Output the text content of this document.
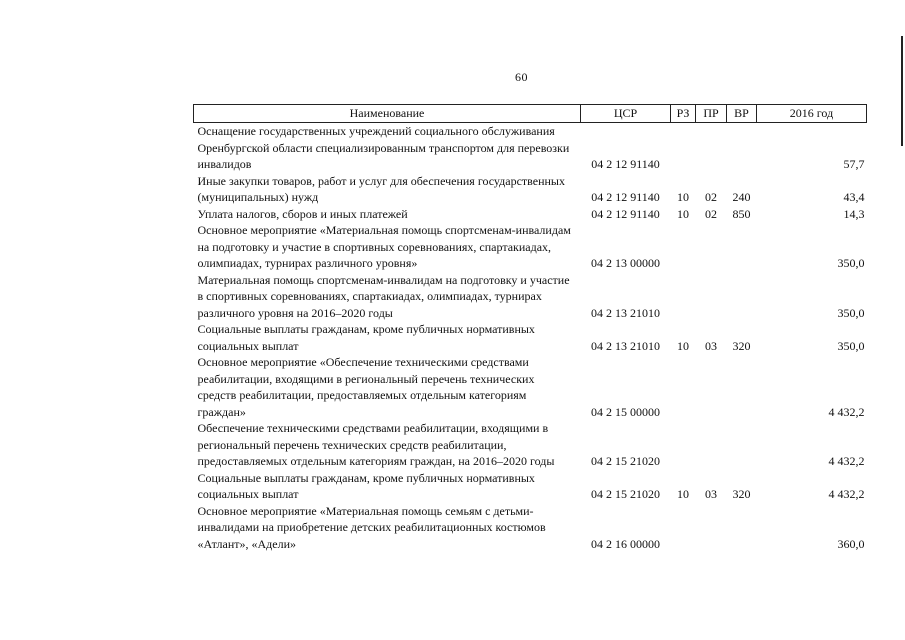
60
Наименование	ЦСР	РЗ	ПР	ВР	2016 год
Оснащение государственных учреждений социального обслуживания Оренбургской области специализированным транспортом для перевозки инвалидов	04 2 12 91140				57,7
Иные закупки товаров, работ и услуг для обеспечения государственных (муниципальных) нужд	04 2 12 91140	10	02	240	43,4
Уплата налогов, сборов и иных платежей	04 2 12 91140	10	02	850	14,3
Основное мероприятие «Материальная помощь спортсменам-инвалидам на подготовку и участие в спортивных соревнованиях, спартакиадах, олимпиадах, турнирах различного уровня»	04 2 13 00000				350,0
Материальная помощь спортсменам-инвалидам на подготовку и участие в спортивных соревнованиях, спартакиадах, олимпиадах, турнирах различного уровня на 2016–2020 годы	04 2 13 21010				350,0
Социальные выплаты гражданам, кроме публичных нормативных социальных выплат	04 2 13 21010	10	03	320	350,0
Основное мероприятие «Обеспечение техническими средствами реабилитации, входящими в региональный перечень технических средств реабилитации, предоставляемых отдельным категориям граждан»	04 2 15 00000				4 432,2
Обеспечение техническими средствами реабилитации, входящими в региональный перечень технических средств реабилитации, предоставляемых отдельным категориям граждан, на 2016–2020 годы	04 2 15 21020				4 432,2
Социальные выплаты гражданам, кроме публичных нормативных социальных выплат	04 2 15 21020	10	03	320	4 432,2
Основное мероприятие «Материальная помощь семьям с детьми-инвалидами на приобретение детских реабилитационных костюмов «Атлант», «Адели»	04 2 16 00000				360,0
